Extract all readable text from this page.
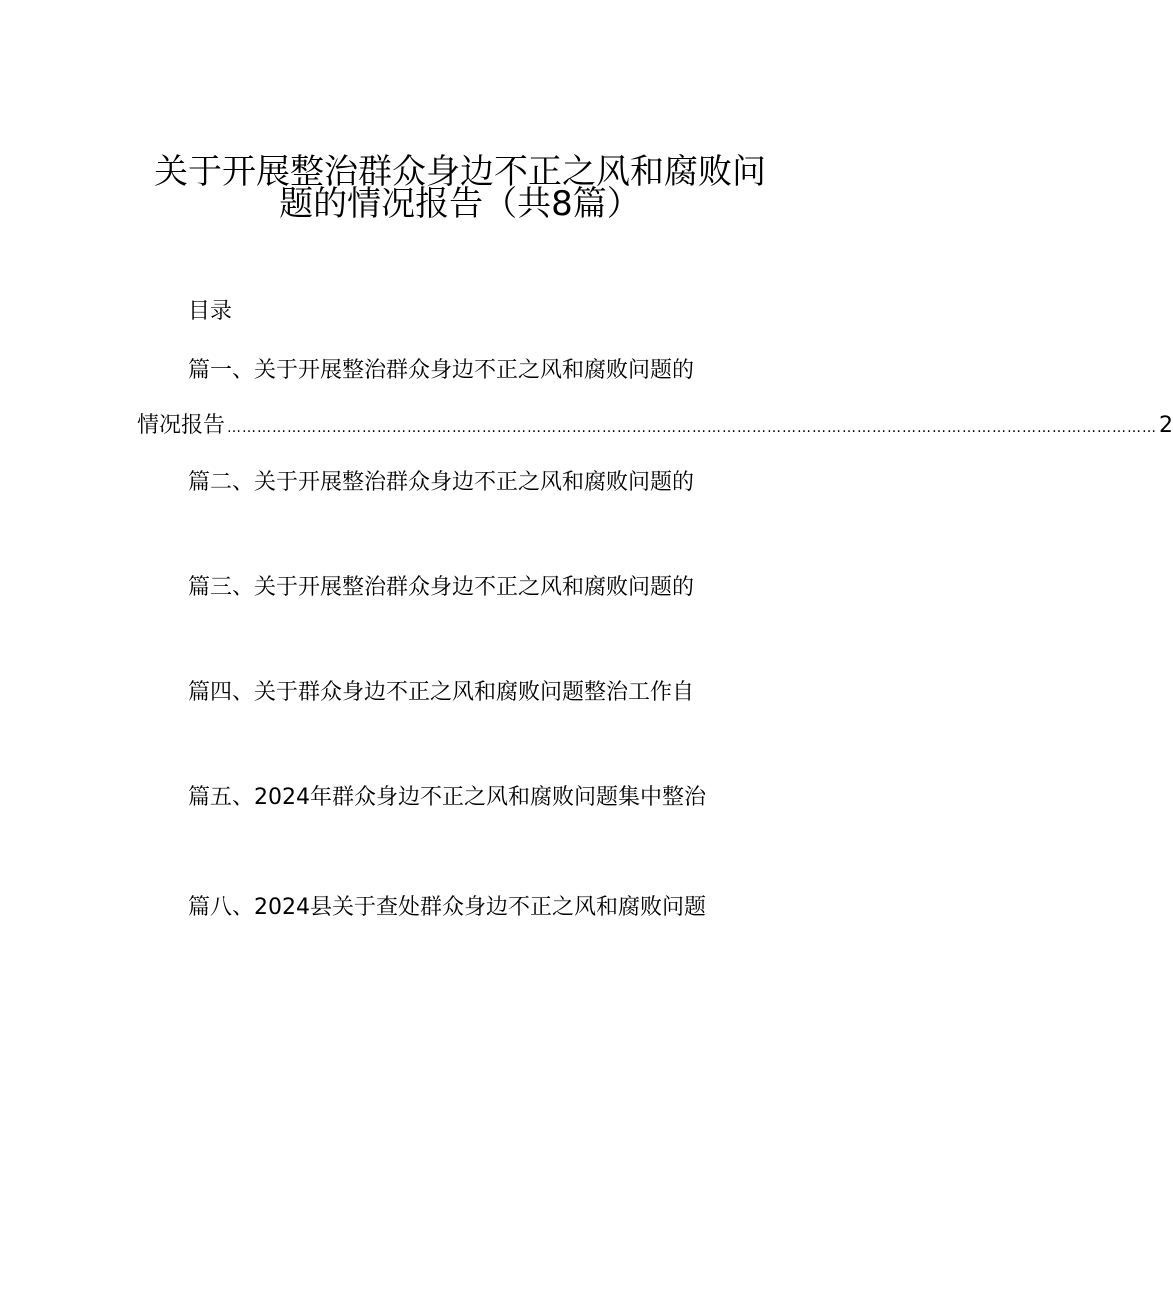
关于开展整治群众身边不正之风和腐败问
题的情况报告（共8篇）
目录
篇一、关于开展整治群众身边不正之风和腐败问题的
情况报告 …………………………………………………………………………………………………………………………………………………………………… 2
篇二、关于开展整治群众身边不正之风和腐败问题的
篇三、关于开展整治群众身边不正之风和腐败问题的
篇四、关于群众身边不正之风和腐败问题整治工作自
篇五、2024年群众身边不正之风和腐败问题集中整治
篇八、2024县关于查处群众身边不正之风和腐败问题
